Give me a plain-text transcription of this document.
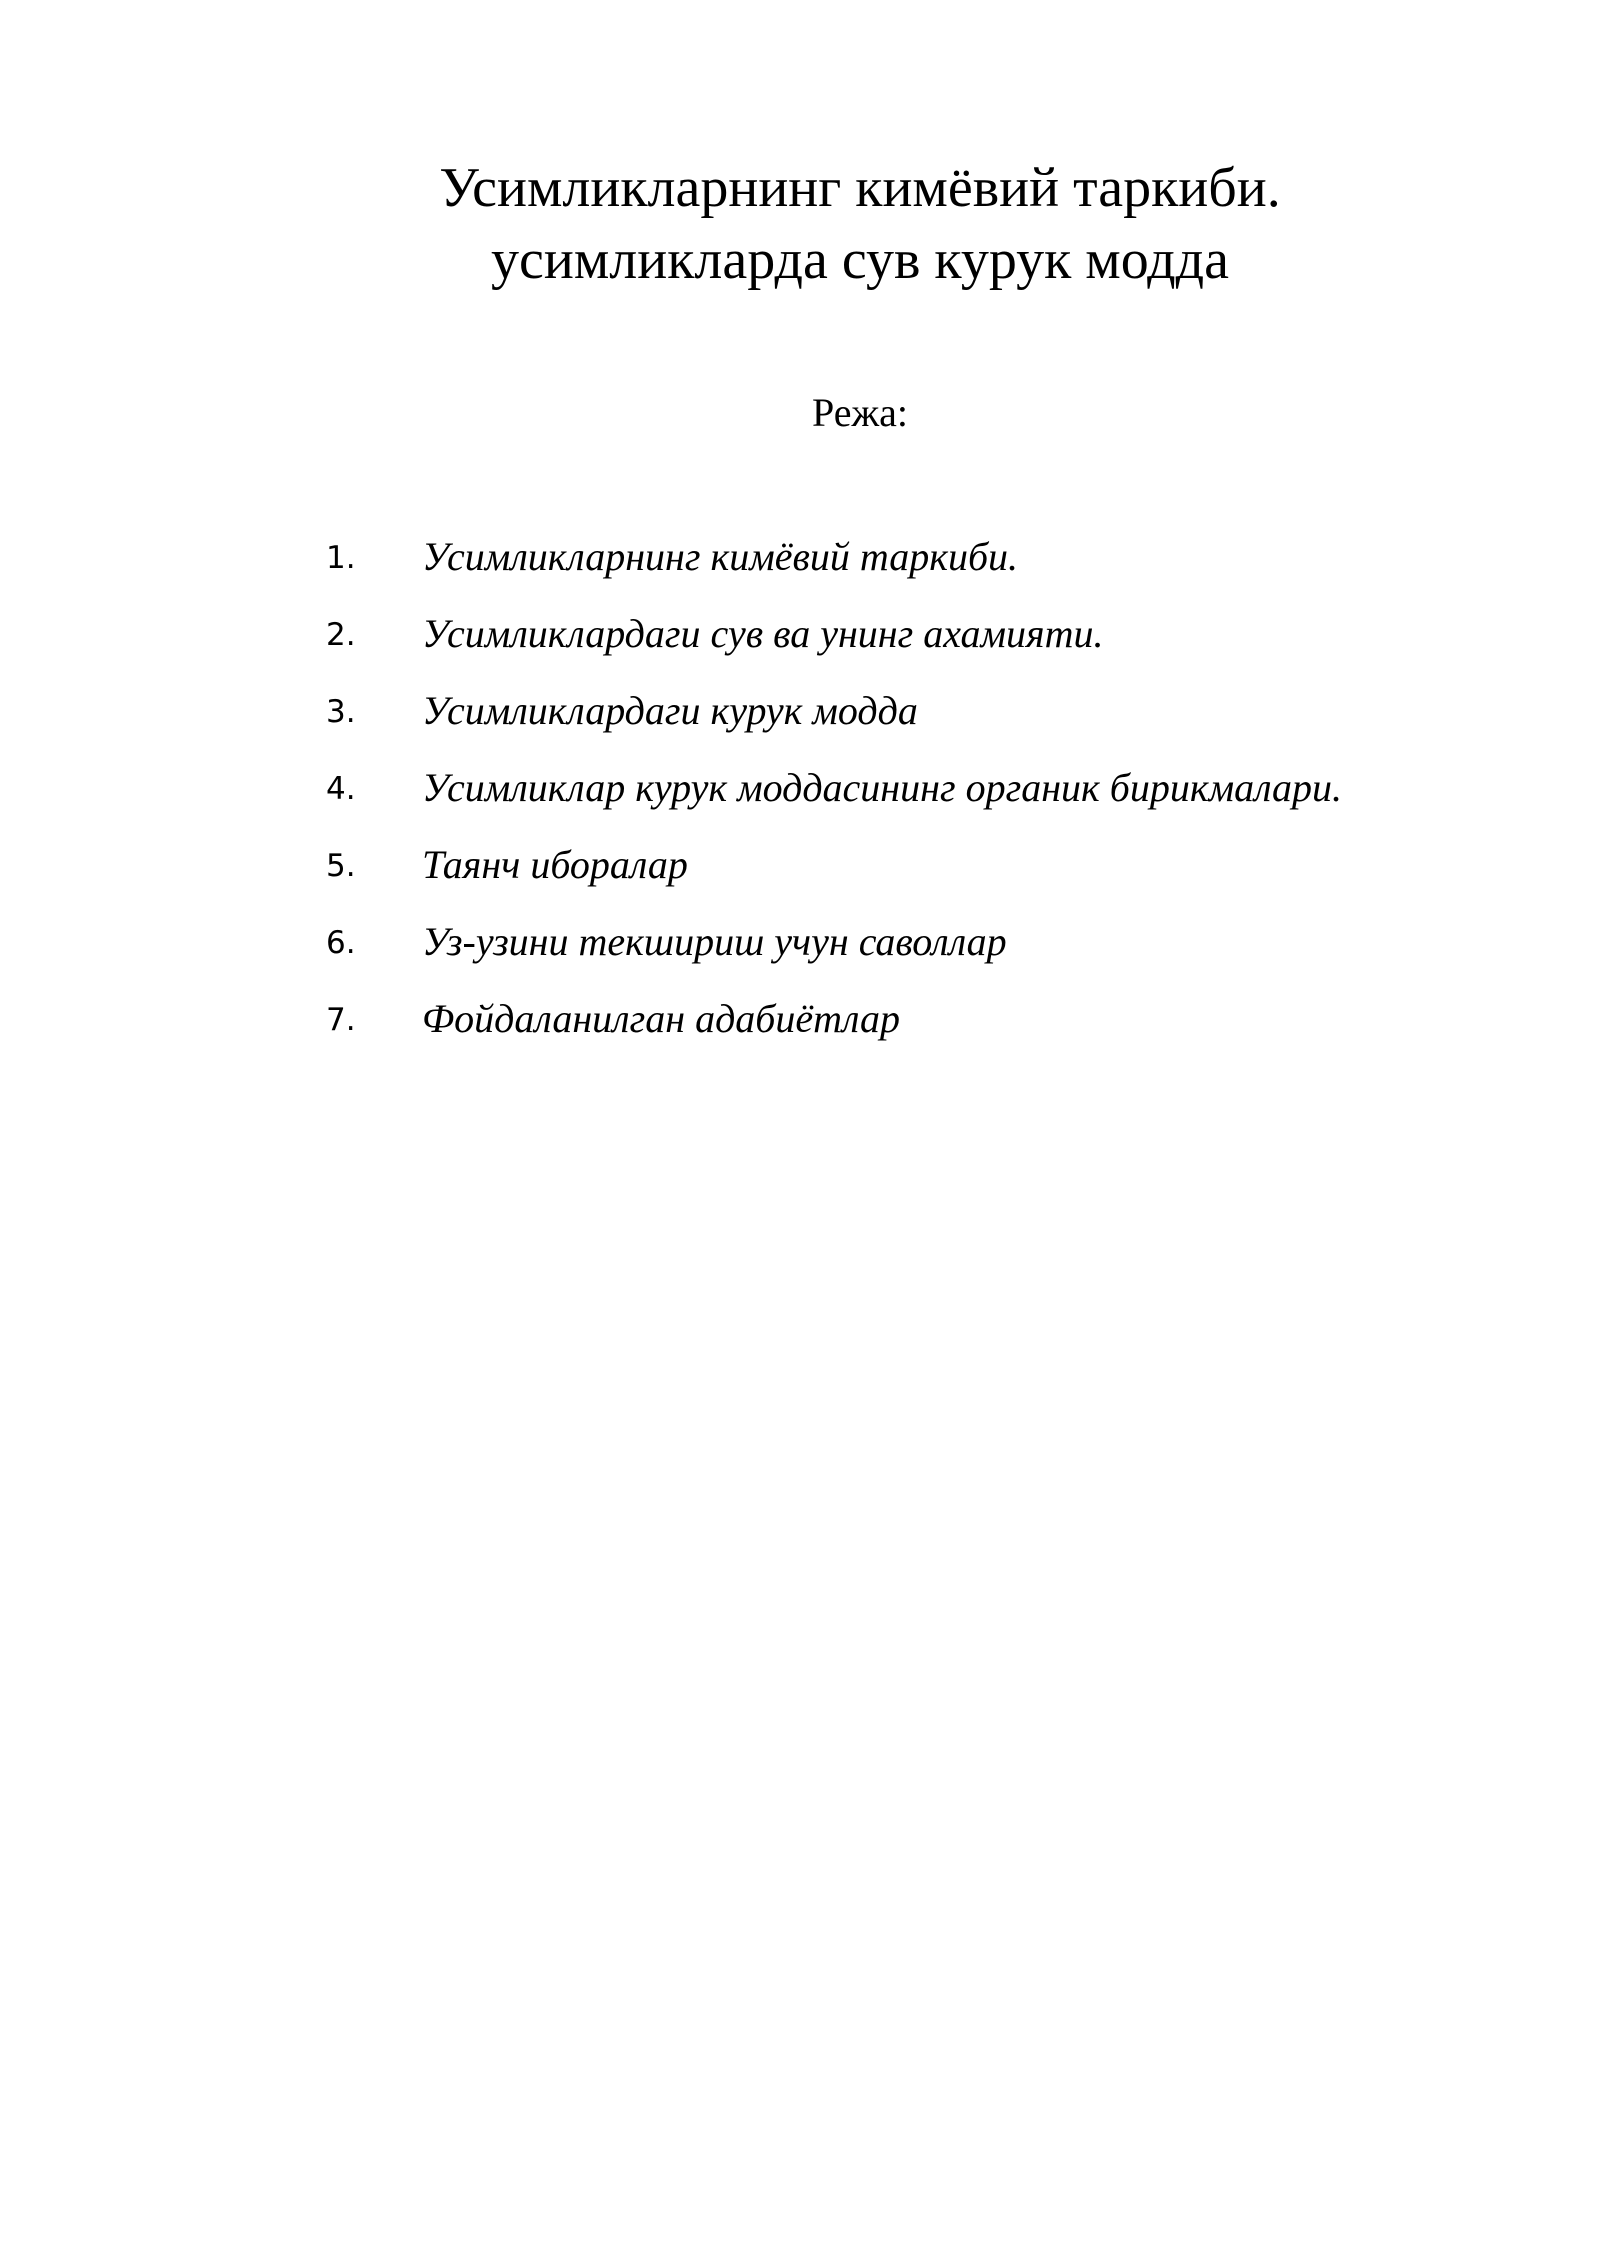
Усимликларнинг кимёвий таркиби.
усимликларда сув курук модда
Режа:
1. Усимликларнинг кимёвий таркиби.
2. Усимликлардаги сув ва унинг ахамияти.
3. Усимликлардаги курук модда
4. Усимликлар курук моддасининг органик бирикмалари.
5. Таянч иборалар
6. Уз-узини текшириш учун саволлар
7. Фойдаланилган адабиётлар
